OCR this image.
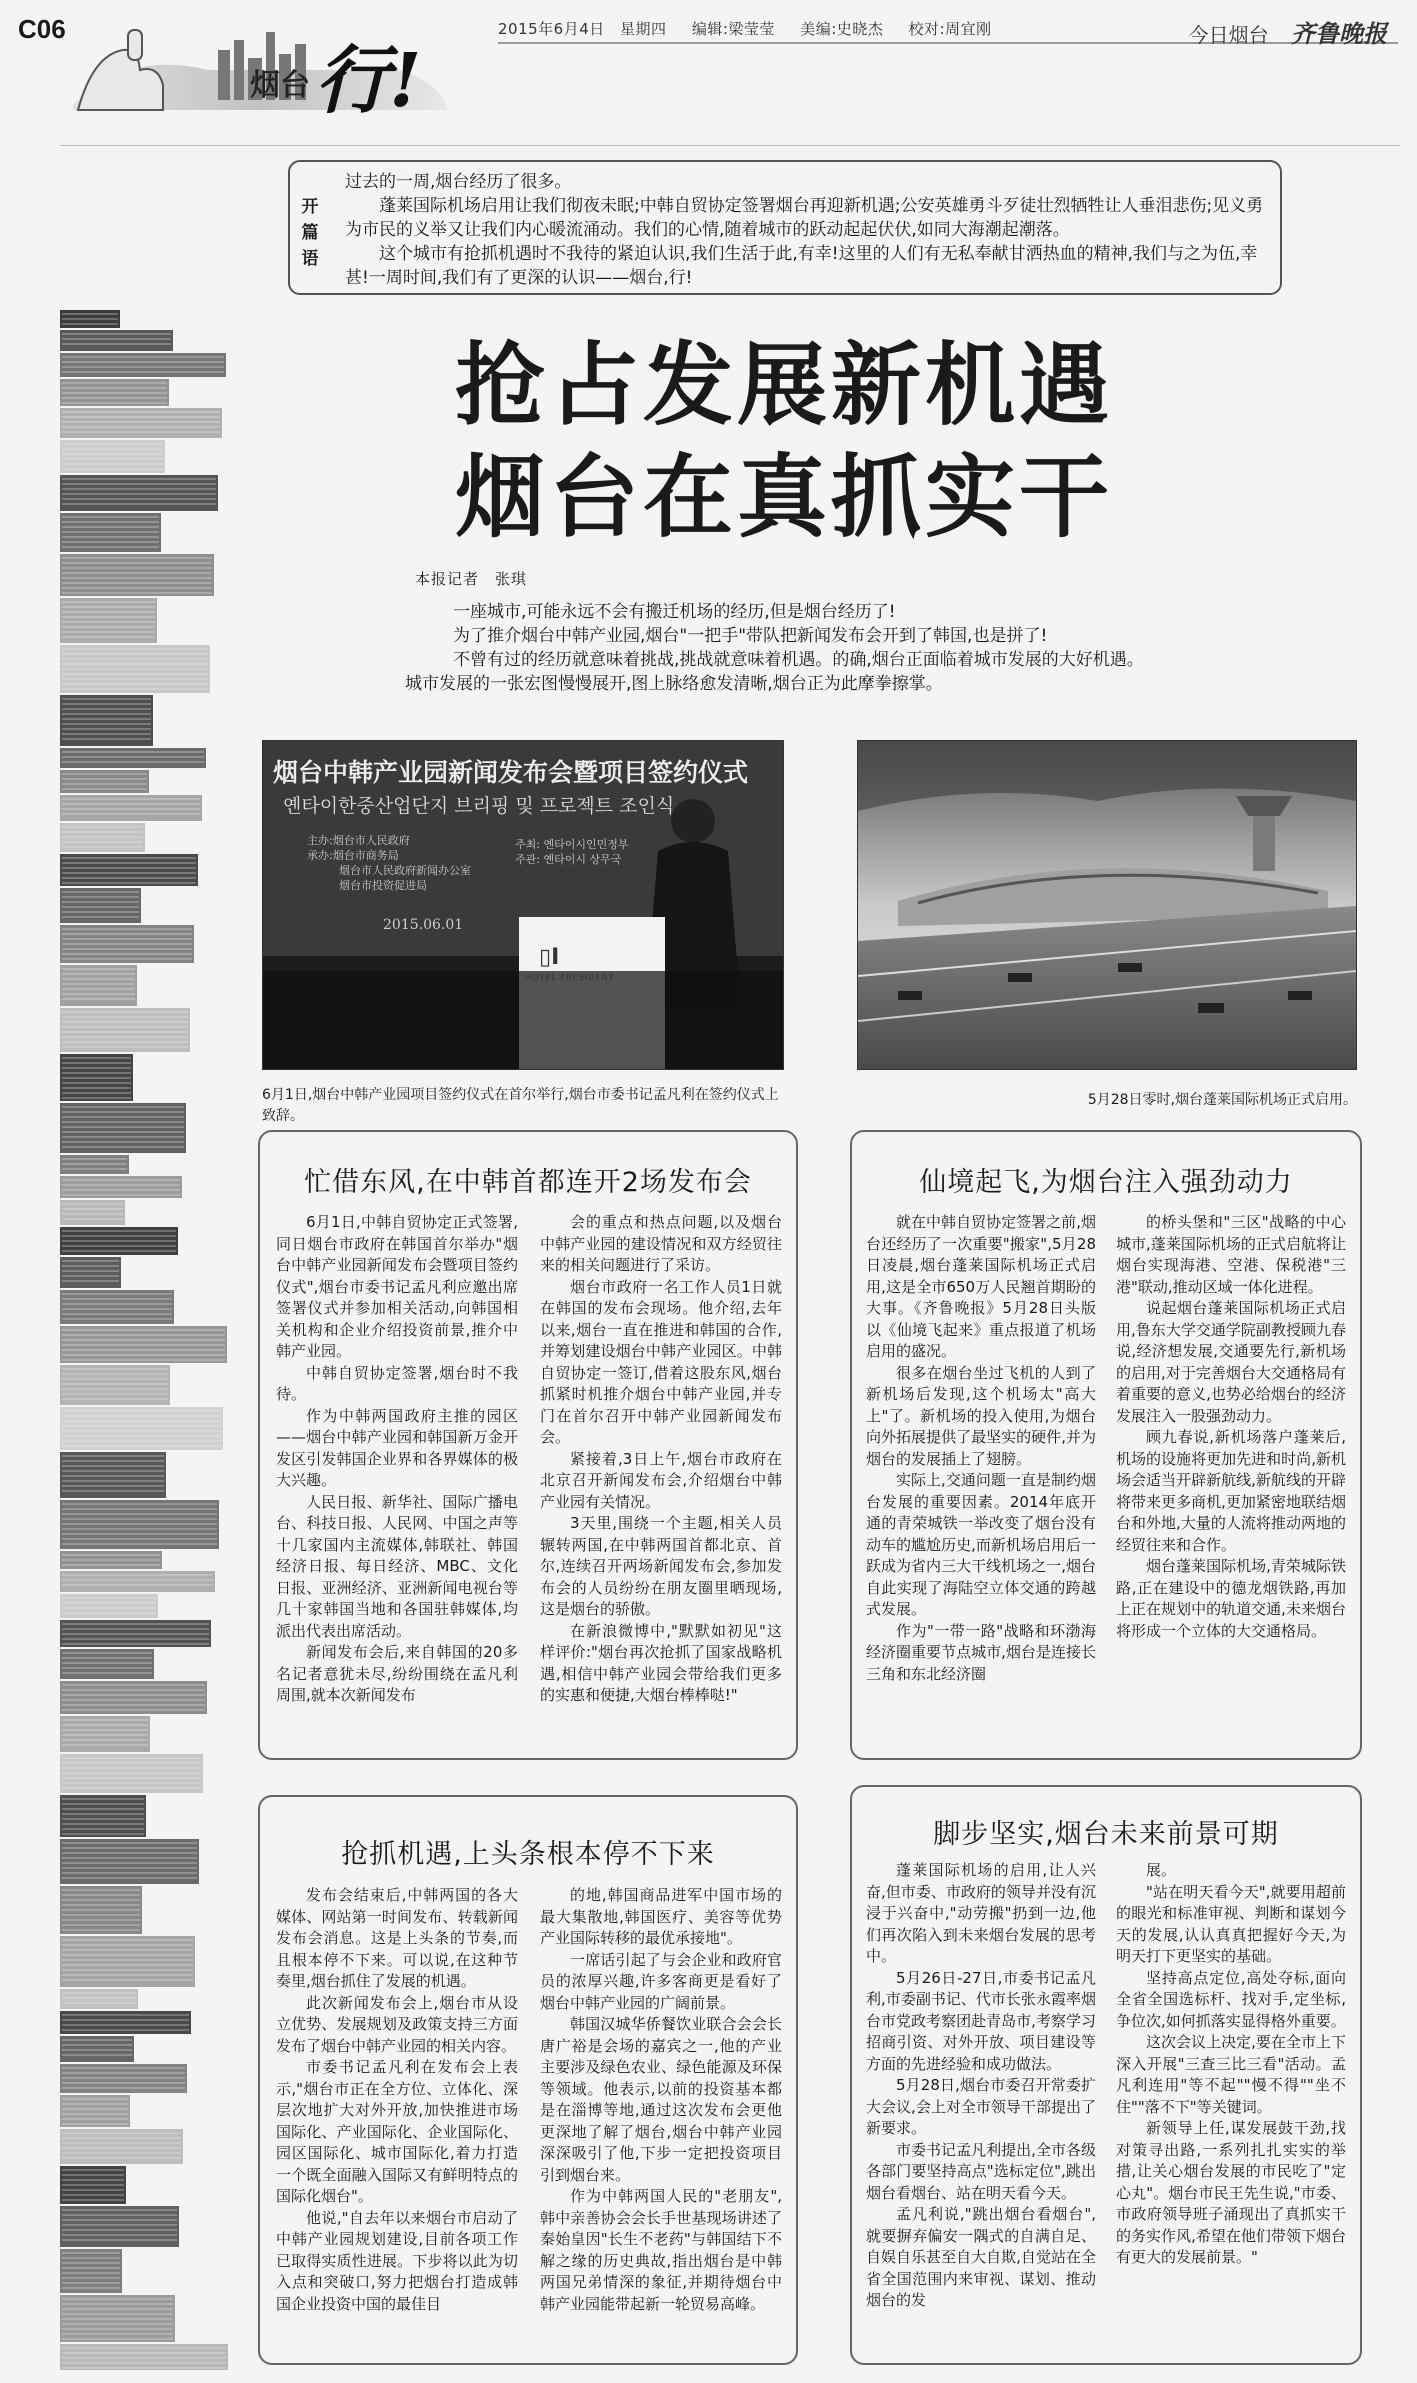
C06
烟台 行!
2015年6月4日 星期四 编辑:梁莹莹 美编:史晓杰 校对:周宜刚	今日烟台 齐鲁晚报
开篇语

过去的一周,烟台经历了很多。

蓬莱国际机场启用让我们彻夜未眠;中韩自贸协定签署烟台再迎新机遇;公安英雄勇斗歹徒壮烈牺牲让人垂泪悲伤;见义勇为市民的义举又让我们内心暖流涌动。我们的心情,随着城市的跃动起起伏伏,如同大海潮起潮落。

这个城市有抢抓机遇时不我待的紧迫认识,我们生活于此,有幸!这里的人们有无私奉献甘洒热血的精神,我们与之为伍,幸甚!一周时间,我们有了更深的认识——烟台,行!

抢占发展新机遇
烟台在真抓实干
本报记者　张琪

一座城市,可能永远不会有搬迁机场的经历,但是烟台经历了!

为了推介烟台中韩产业园,烟台"一把手"带队把新闻发布会开到了韩国,也是拼了!

不曾有过的经历就意味着挑战,挑战就意味着机遇。的确,烟台正面临着城市发展的大好机遇。

城市发展的一张宏图慢慢展开,图上脉络愈发清晰,烟台正为此摩拳擦掌。

烟台中韩产业园新闻发布会暨项目签约仪式
옌타이한중산업단지 브리핑 및 프로젝트 조인식
主办:烟台市人民政府
承办:烟台市商务局
烟台市人民政府新闻办公室
烟台市投资促进局
주최: 옌타이시인민정부
주관: 옌타이시 상무국
2015.06.01
▯I
HOTEL PRESIDENT
6月1日,烟台中韩产业园项目签约仪式在首尔举行,烟台市委书记孟凡利在签约仪式上致辞。
5月28日零时,烟台蓬莱国际机场正式启用。
忙借东风,在中韩首都连开2场发布会

6月1日,中韩自贸协定正式签署,同日烟台市政府在韩国首尔举办"烟台中韩产业园新闻发布会暨项目签约仪式",烟台市委书记孟凡利应邀出席签署仪式并参加相关活动,向韩国相关机构和企业介绍投资前景,推介中韩产业园。

中韩自贸协定签署,烟台时不我待。

作为中韩两国政府主推的园区——烟台中韩产业园和韩国新万金开发区引发韩国企业界和各界媒体的极大兴趣。

人民日报、新华社、国际广播电台、科技日报、人民网、中国之声等十几家国内主流媒体,韩联社、韩国经济日报、每日经济、MBC、文化日报、亚洲经济、亚洲新闻电视台等几十家韩国当地和各国驻韩媒体,均派出代表出席活动。

新闻发布会后,来自韩国的20多名记者意犹未尽,纷纷围绕在孟凡利周围,就本次新闻发布

会的重点和热点问题,以及烟台中韩产业园的建设情况和双方经贸往来的相关问题进行了采访。

烟台市政府一名工作人员1日就在韩国的发布会现场。他介绍,去年以来,烟台一直在推进和韩国的合作,并筹划建设烟台中韩产业园区。中韩自贸协定一签订,借着这股东风,烟台抓紧时机推介烟台中韩产业园,并专门在首尔召开中韩产业园新闻发布会。

紧接着,3日上午,烟台市政府在北京召开新闻发布会,介绍烟台中韩产业园有关情况。

3天里,围绕一个主题,相关人员辗转两国,在中韩两国首都北京、首尔,连续召开两场新闻发布会,参加发布会的人员纷纷在朋友圈里晒现场,这是烟台的骄傲。

在新浪微博中,"默默如初见"这样评价:"烟台再次抢抓了国家战略机遇,相信中韩产业园会带给我们更多的实惠和便捷,大烟台棒棒哒!"

仙境起飞,为烟台注入强劲动力

就在中韩自贸协定签署之前,烟台还经历了一次重要"搬家",5月28日凌晨,烟台蓬莱国际机场正式启用,这是全市650万人民翘首期盼的大事。《齐鲁晚报》5月28日头版以《仙境飞起来》重点报道了机场启用的盛况。

很多在烟台坐过飞机的人到了新机场后发现,这个机场太"高大上"了。新机场的投入使用,为烟台向外拓展提供了最坚实的硬件,并为烟台的发展插上了翅膀。

实际上,交通问题一直是制约烟台发展的重要因素。2014年底开通的青荣城铁一举改变了烟台没有动车的尴尬历史,而新机场启用后一跃成为省内三大干线机场之一,烟台自此实现了海陆空立体交通的跨越式发展。

作为"一带一路"战略和环渤海经济圈重要节点城市,烟台是连接长三角和东北经济圈

的桥头堡和"三区"战略的中心城市,蓬莱国际机场的正式启航将让烟台实现海港、空港、保税港"三港"联动,推动区域一体化进程。

说起烟台蓬莱国际机场正式启用,鲁东大学交通学院副教授顾九春说,经济想发展,交通要先行,新机场的启用,对于完善烟台大交通格局有着重要的意义,也势必给烟台的经济发展注入一股强劲动力。

顾九春说,新机场落户蓬莱后,机场的设施将更加先进和时尚,新机场会适当开辟新航线,新航线的开辟将带来更多商机,更加紧密地联结烟台和外地,大量的人流将推动两地的经贸往来和合作。

烟台蓬莱国际机场,青荣城际铁路,正在建设中的德龙烟铁路,再加上正在规划中的轨道交通,未来烟台将形成一个立体的大交通格局。

抢抓机遇,上头条根本停不下来

发布会结束后,中韩两国的各大媒体、网站第一时间发布、转载新闻发布会消息。这是上头条的节奏,而且根本停不下来。可以说,在这种节奏里,烟台抓住了发展的机遇。

此次新闻发布会上,烟台市从设立优势、发展规划及政策支持三方面发布了烟台中韩产业园的相关内容。

市委书记孟凡利在发布会上表示,"烟台市正在全方位、立体化、深层次地扩大对外开放,加快推进市场国际化、产业国际化、企业国际化、园区国际化、城市国际化,着力打造一个既全面融入国际又有鲜明特点的国际化烟台"。

他说,"自去年以来烟台市启动了中韩产业园规划建设,目前各项工作已取得实质性进展。下步将以此为切入点和突破口,努力把烟台打造成韩国企业投资中国的最佳目

的地,韩国商品进军中国市场的最大集散地,韩国医疗、美容等优势产业国际转移的最优承接地"。

一席话引起了与会企业和政府官员的浓厚兴趣,许多客商更是看好了烟台中韩产业园的广阔前景。

韩国汉城华侨餐饮业联合会会长唐广裕是会场的嘉宾之一,他的产业主要涉及绿色农业、绿色能源及环保等领域。他表示,以前的投资基本都是在淄博等地,通过这次发布会更他更深地了解了烟台,烟台中韩产业园深深吸引了他,下步一定把投资项目引到烟台来。

作为中韩两国人民的"老朋友",韩中亲善协会会长手世基现场讲述了秦始皇因"长生不老药"与韩国结下不解之缘的历史典故,指出烟台是中韩两国兄弟情深的象征,并期待烟台中韩产业园能带起新一轮贸易高峰。

脚步坚实,烟台未来前景可期

蓬莱国际机场的启用,让人兴奋,但市委、市政府的领导并没有沉浸于兴奋中,"动劳搬"扔到一边,他们再次陷入到未来烟台发展的思考中。

5月26日-27日,市委书记孟凡利,市委副书记、代市长张永霞率烟台市党政考察团赴青岛市,考察学习招商引资、对外开放、项目建设等方面的先进经验和成功做法。

5月28日,烟台市委召开常委扩大会议,会上对全市领导干部提出了新要求。

市委书记孟凡利提出,全市各级各部门要坚持高点"选标定位",跳出烟台看烟台、站在明天看今天。

孟凡利说,"跳出烟台看烟台",就要摒弃偏安一隅式的自满自足、自娱自乐甚至自大自欺,自觉站在全省全国范围内来审视、谋划、推动烟台的发

展。

"站在明天看今天",就要用超前的眼光和标准审视、判断和谋划今天的发展,认认真真把握好今天,为明天打下更坚实的基础。

坚持高点定位,高处夺标,面向全省全国选标杆、找对手,定坐标,争位次,如何抓落实显得格外重要。

这次会议上决定,要在全市上下深入开展"三查三比三看"活动。孟凡利连用"等不起""慢不得""坐不住""落不下"等关键词。

新领导上任,谋发展鼓干劲,找对策寻出路,一系列扎扎实实的举措,让关心烟台发展的市民吃了"定心丸"。烟台市民王先生说,"市委、市政府领导班子涌现出了真抓实干的务实作风,希望在他们带领下烟台有更大的发展前景。"
